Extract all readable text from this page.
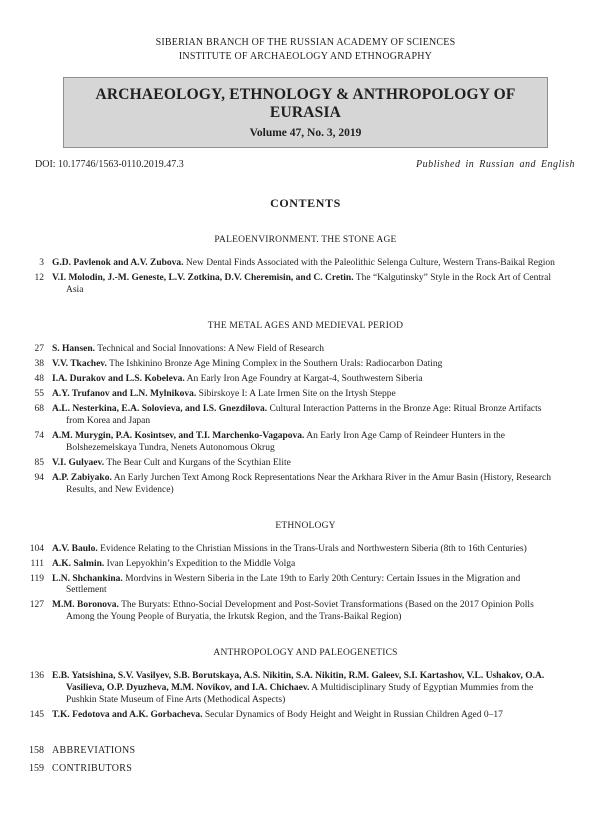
SIBERIAN BRANCH OF THE RUSSIAN ACADEMY OF SCIENCES
INSTITUTE OF ARCHAEOLOGY AND ETHNOGRAPHY
ARCHAEOLOGY, ETHNOLOGY & ANTHROPOLOGY OF EURASIA
Volume 47, No. 3, 2019
DOI: 10.17746/1563-0110.2019.47.3	Published in Russian and English
CONTENTS
PALEOENVIRONMENT. THE STONE AGE
3 G.D. Pavlenok and A.V. Zubova. New Dental Finds Associated with the Paleolithic Selenga Culture, Western Trans-Baikal Region
12 V.I. Molodin, J.-M. Geneste, L.V. Zotkina, D.V. Cheremisin, and C. Cretin. The “Kalgutinsky” Style in the Rock Art of Central Asia
THE METAL AGES AND MEDIEVAL PERIOD
27 S. Hansen. Technical and Social Innovations: A New Field of Research
38 V.V. Tkachev. The Ishkinino Bronze Age Mining Complex in the Southern Urals: Radiocarbon Dating
48 I.A. Durakov and L.S. Kobeleva. An Early Iron Age Foundry at Kargat-4, Southwestern Siberia
55 A.Y. Trufanov and L.N. Mylnikova. Sibirskoye I: A Late Irmen Site on the Irtysh Steppe
68 A.L. Nesterkina, E.A. Solovieva, and I.S. Gnezdilova. Cultural Interaction Patterns in the Bronze Age: Ritual Bronze Artifacts from Korea and Japan
74 A.M. Murygin, P.A. Kosintsev, and T.I. Marchenko-Vagapova. An Early Iron Age Camp of Reindeer Hunters in the Bolshezemelskaya Tundra, Nenets Autonomous Okrug
85 V.I. Gulyaev. The Bear Cult and Kurgans of the Scythian Elite
94 A.P. Zabiyako. An Early Jurchen Text Among Rock Representations Near the Arkhara River in the Amur Basin (History, Research Results, and New Evidence)
ETHNOLOGY
104 A.V. Baulo. Evidence Relating to the Christian Missions in the Trans-Urals and Northwestern Siberia (8th to 16th Centuries)
111 A.K. Salmin. Ivan Lepyokhin’s Expedition to the Middle Volga
119 L.N. Shchankina. Mordvins in Western Siberia in the Late 19th to Early 20th Century: Certain Issues in the Migration and Settlement
127 M.M. Boronova. The Buryats: Ethno-Social Development and Post-Soviet Transformations (Based on the 2017 Opinion Polls Among the Young People of Buryatia, the Irkutsk Region, and the Trans-Baikal Region)
ANTHROPOLOGY AND PALEOGENETICS
136 E.B. Yatsishina, S.V. Vasilyev, S.B. Borutskaya, A.S. Nikitin, S.A. Nikitin, R.M. Galeev, S.I. Kartashov, V.L. Ushakov, O.A. Vasilieva, O.P. Dyuzheva, M.M. Novikov, and I.A. Chichaev. A Multidisciplinary Study of Egyptian Mummies from the Pushkin State Museum of Fine Arts (Methodical Aspects)
145 T.K. Fedotova and A.K. Gorbacheva. Secular Dynamics of Body Height and Weight in Russian Children Aged 0–17
158 ABBREVIATIONS
159 CONTRIBUTORS
